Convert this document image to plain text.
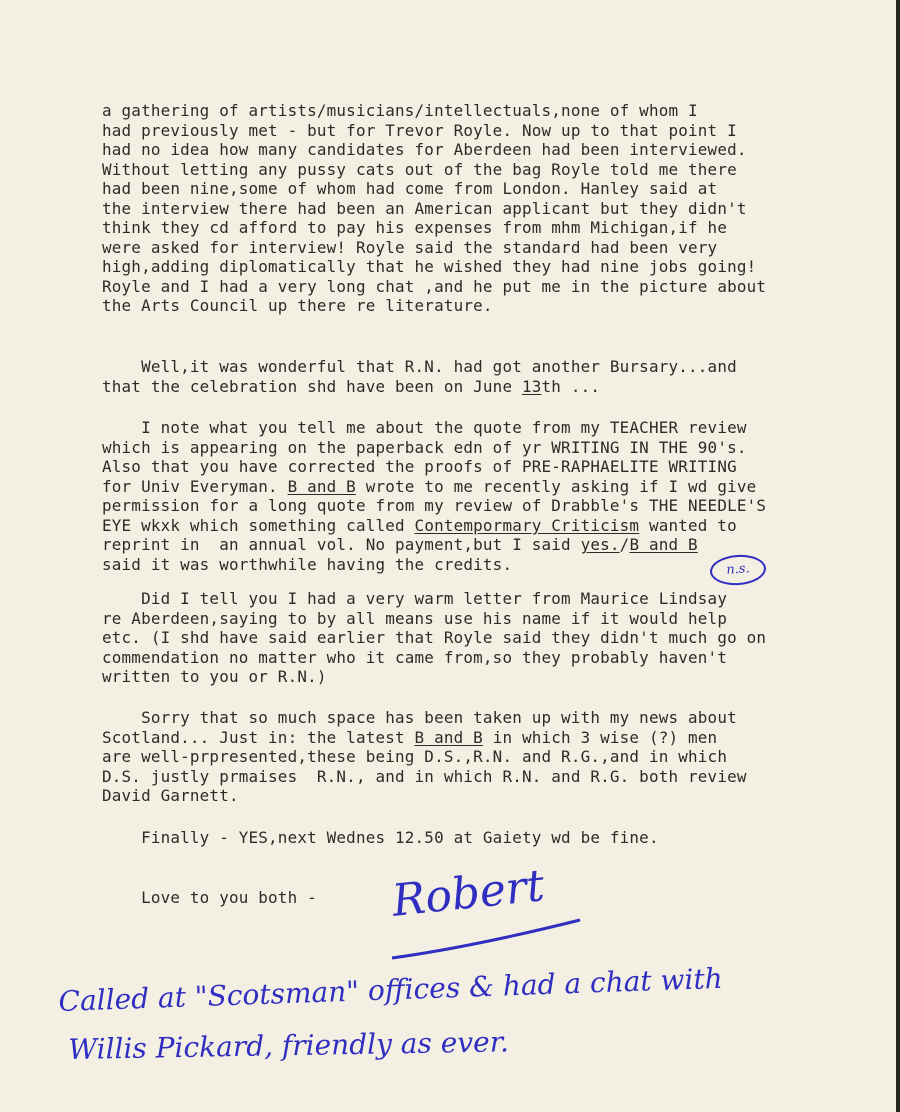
a gathering of artists/musicians/intellectuals,none of whom I
had previously met - but for Trevor Royle. Now up to that point I
had no idea how many candidates for Aberdeen had been interviewed.
Without letting any pussy cats out of the bag Royle told me there
had been nine,some of whom had come from London. Hanley said at
the interview there had been an American applicant but they didn't
think they cd afford to pay his expenses from mhm Michigan,if he
were asked for interview! Royle said the standard had been very
high,adding diplomatically that he wished they had nine jobs going!
Royle and I had a very long chat ,and he put me in the picture about
the Arts Council up there re literature.
Well,it was wonderful that R.N. had got another Bursary...and
that the celebration shd have been on June 13th ...
I note what you tell me about the quote from my TEACHER review
which is appearing on the paperback edn of yr WRITING IN THE 90's.
Also that you have corrected the proofs of PRE-RAPHAELITE WRITING
for Univ Everyman. B and B wrote to me recently asking if I wd give
permission for a long quote from my review of Drabble's THE NEEDLE'S
EYE wkxk which something called Contempormary Criticism wanted to
reprint in  an annual vol. No payment,but I said yes./B and B
said it was worthwhile having the credits.
Did I tell you I had a very warm letter from Maurice Lindsay
re Aberdeen,saying to by all means use his name if it would help
etc. (I shd have said earlier that Royle said they didn't much go on
commendation no matter who it came from,so they probably haven't
written to you or R.N.)
Sorry that so much space has been taken up with my news about
Scotland... Just in: the latest B and B in which 3 wise (?) men
are well-prpresented,these being D.S.,R.N. and R.G.,and in which
D.S. justly prmaises  R.N., and in which R.N. and R.G. both review
David Garnett.
Finally - YES,next Wednes 12.50 at Gaiety wd be fine.
Love to you both -
n.s.
Robert
Called at "Scotsman" offices & had a chat with
Willis Pickard, friendly as ever.
